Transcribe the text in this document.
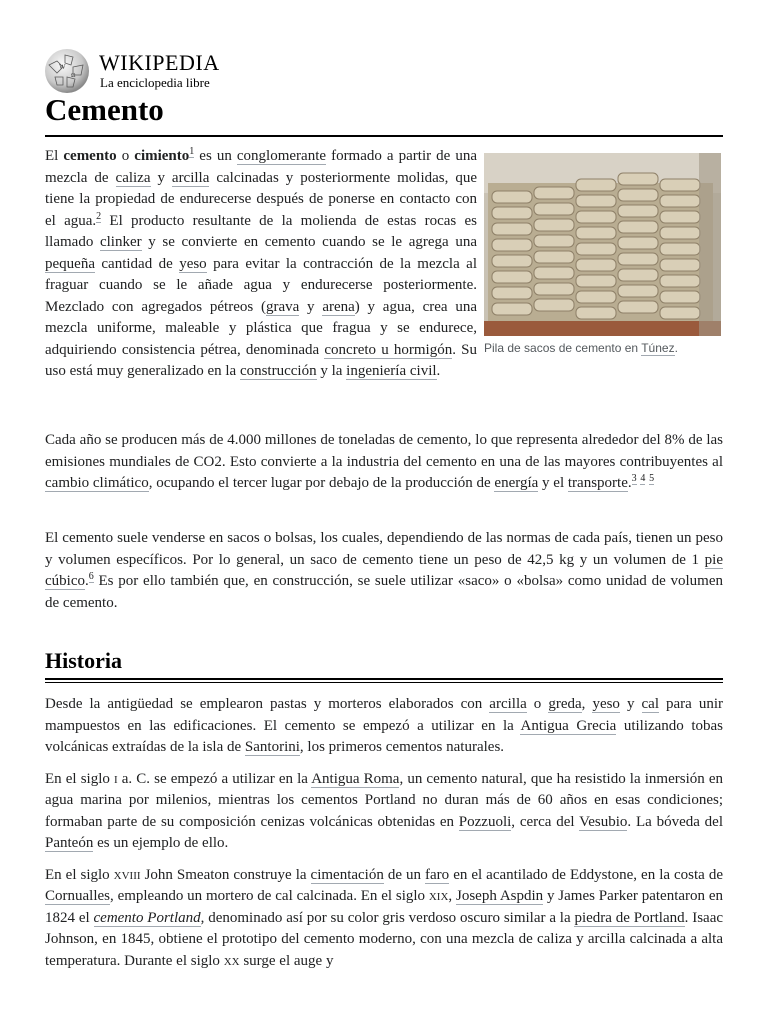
W
Ω
WIKIPEDIA
La enciclopedia libre
Cemento
Pila de sacos de cemento en Túnez.

El cemento o cimiento$^1$ es un conglomerante formado a partir de una mezcla de caliza y arcilla calcinadas y posteriormente molidas, que tiene la propiedad de endurecerse después de ponerse en contacto con el agua.$^2$ El producto resultante de la molienda de estas rocas es llamado clinker y se convierte en cemento cuando se le agrega una pequeña cantidad de yeso para evitar la contracción de la mezcla al fraguar cuando se le añade agua y endurecerse posteriormente. Mezclado con agregados pétreos (grava y arena) y agua, crea una mezcla uniforme, maleable y plástica que fragua y se endurece, adquiriendo consistencia pétrea, denominada concreto u hormigón. Su uso está muy generalizado en la construcción y la ingeniería civil.

Cada año se producen más de 4.000 millones de toneladas de cemento, lo que representa alrededor del 8% de las emisiones mundiales de CO2. Esto convierte a la industria del cemento en una de las mayores contribuyentes al cambio climático, ocupando el tercer lugar por debajo de la producción de energía y el transporte.$^3$ $^4$ $^5$

El cemento suele venderse en sacos o bolsas, los cuales, dependiendo de las normas de cada país, tienen un peso y volumen específicos. Por lo general, un saco de cemento tiene un peso de 42,5 kg y un volumen de 1 pie cúbico.$^6$ Es por ello también que, en construcción, se suele utilizar «saco» o «bolsa» como unidad de volumen de cemento.

Historia

Desde la antigüedad se emplearon pastas y morteros elaborados con arcilla o greda, yeso y cal para unir mampuestos en las edificaciones. El cemento se empezó a utilizar en la Antigua Grecia utilizando tobas volcánicas extraídas de la isla de Santorini, los primeros cementos naturales.

En el siglo i a. C. se empezó a utilizar en la Antigua Roma, un cemento natural, que ha resistido la inmersión en agua marina por milenios, mientras los cementos Portland no duran más de 60 años en esas condiciones; formaban parte de su composición cenizas volcánicas obtenidas en Pozzuoli, cerca del Vesubio. La bóveda del Panteón es un ejemplo de ello.

En el siglo xviii John Smeaton construye la cimentación de un faro en el acantilado de Eddystone, en la costa de Cornualles, empleando un mortero de cal calcinada. En el siglo xix, Joseph Aspdin y James Parker patentaron en 1824 el cemento Portland, denominado así por su color gris verdoso oscuro similar a la piedra de Portland. Isaac Johnson, en 1845, obtiene el prototipo del cemento moderno, con una mezcla de caliza y arcilla calcinada a alta temperatura. Durante el siglo xx surge el auge y
